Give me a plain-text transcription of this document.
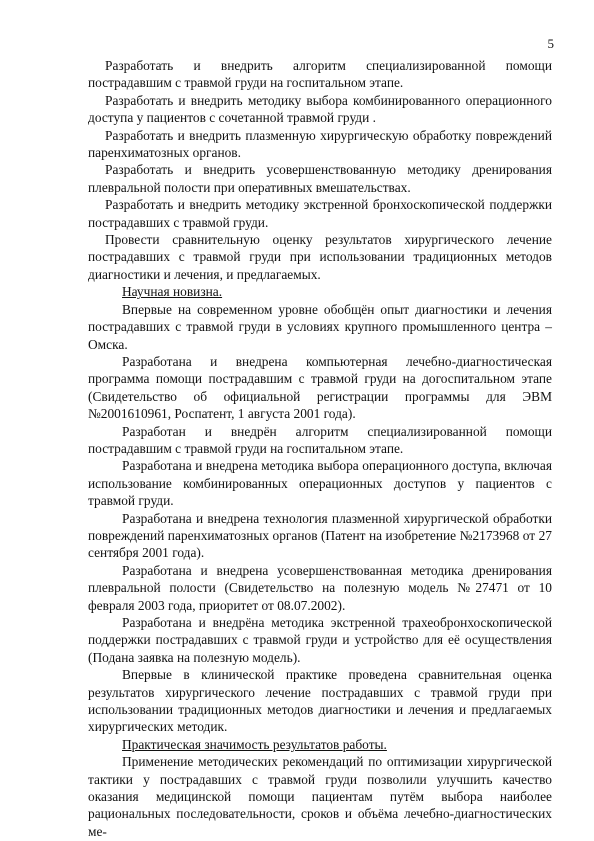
5

Разработать и внедрить алгоритм специализированной помощи пострадавшим с травмой груди на госпитальном этапе.

Разработать и внедрить методику выбора комбинированного операционного доступа у пациентов с сочетанной травмой груди .

Разработать и внедрить плазменную хирургическую обработку повреждений паренхиматозных органов.

Разработать и внедрить усовершенствованную методику дренирования плевральной полости при оперативных вмешательствах.

Разработать и внедрить методику экстренной бронхоскопической поддержки пострадавших с травмой груди.

Провести сравнительную оценку результатов хирургического лечение пострадавших с травмой груди при использовании традиционных методов диагностики и лечения, и предлагаемых.

Научная новизна.

Впервые на современном уровне обобщён опыт диагностики и лечения пострадавших с травмой груди в условиях крупного промышленного центра – Омска.

Разработана и внедрена компьютерная лечебно-диагностическая программа помощи пострадавшим с травмой груди на догоспитальном этапе (Свидетельство об официальной регистрации программы для ЭВМ №2001610961, Роспатент, 1 августа 2001 года).

Разработан и внедрён алгоритм специализированной помощи пострадавшим с травмой груди на госпитальном этапе.

Разработана и внедрена методика выбора операционного доступа, включая использование комбинированных операционных доступов у пациентов с травмой груди.

Разработана и внедрена технология плазменной хирургической обработки повреждений паренхиматозных органов (Патент на изобретение №2173968 от 27 сентября 2001 года).

Разработана и внедрена усовершенствованная методика дренирования плевральной полости (Свидетельство на полезную модель №27471 от 10 февраля 2003 года, приоритет от 08.07.2002).

Разработана и внедрёна методика экстренной трахеобронхоскопической поддержки пострадавших с травмой груди и устройство для её осуществления (Подана заявка на полезную модель).

Впервые в клинической практике проведена сравнительная оценка результатов хирургического лечение пострадавших с травмой груди при использовании традиционных методов диагностики и лечения и предлагаемых хирургических методик.

Практическая значимость результатов работы.

Применение методических рекомендаций по оптимизации хирургической тактики у пострадавших с травмой груди позволили улучшить качество оказания медицинской помощи пациентам путём выбора наиболее рациональных последовательности, сроков и объёма лечебно-диагностических ме-
